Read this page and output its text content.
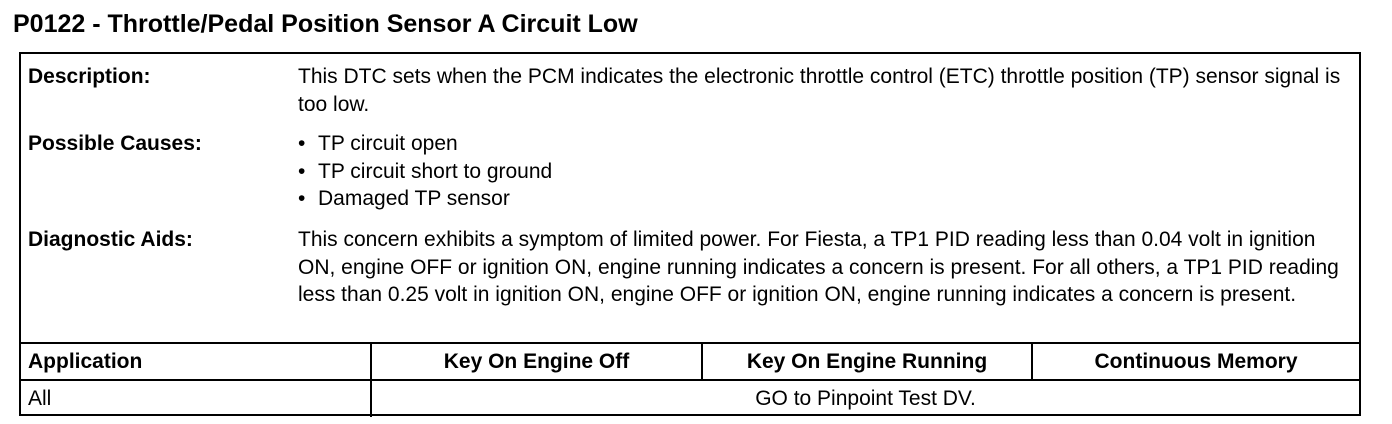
P0122 - Throttle/Pedal Position Sensor A Circuit Low
Description:	This DTC sets when the PCM indicates the electronic throttle control (ETC) throttle position (TP) sensor signal is too low.
Possible Causes:	• TP circuit open
• TP circuit short to ground
• Damaged TP sensor
Diagnostic Aids:	This concern exhibits a symptom of limited power. For Fiesta, a TP1 PID reading less than 0.04 volt in ignition ON, engine OFF or ignition ON, engine running indicates a concern is present. For all others, a TP1 PID reading less than 0.25 volt in ignition ON, engine OFF or ignition ON, engine running indicates a concern is present.
Application	Key On Engine Off	Key On Engine Running	Continuous Memory
All	GO to Pinpoint Test DV.		
